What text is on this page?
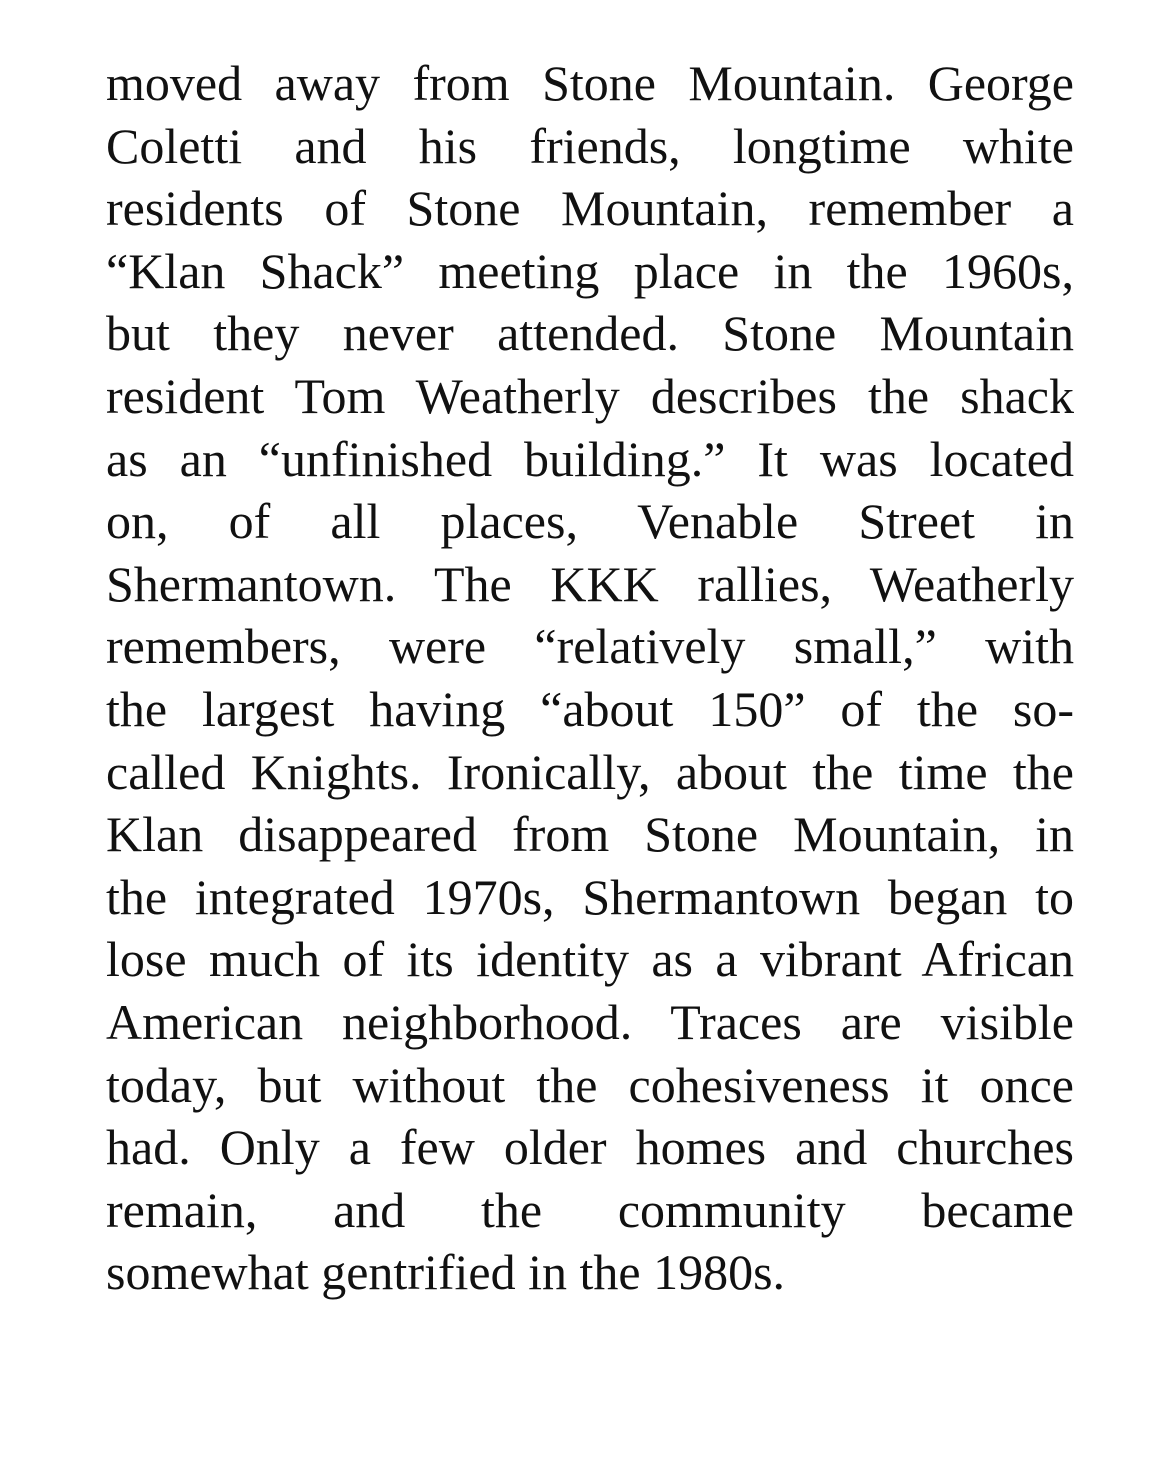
moved away from Stone Mountain. George
Coletti and his friends, longtime white
residents of Stone Mountain, remember a
“Klan Shack” meeting place in the 1960s,
but they never attended. Stone Mountain
resident Tom Weatherly describes the shack
as an “unfinished building.” It was located
on, of all places, Venable Street in
Shermantown. The KKK rallies, Weatherly
remembers, were “relatively small,” with
the largest having “about 150” of the so-
called Knights. Ironically, about the time the
Klan disappeared from Stone Mountain, in
the integrated 1970s, Shermantown began to
lose much of its identity as a vibrant African
American neighborhood. Traces are visible
today, but without the cohesiveness it once
had. Only a few older homes and churches
remain, and the community became
somewhat gentrified in the 1980s.
